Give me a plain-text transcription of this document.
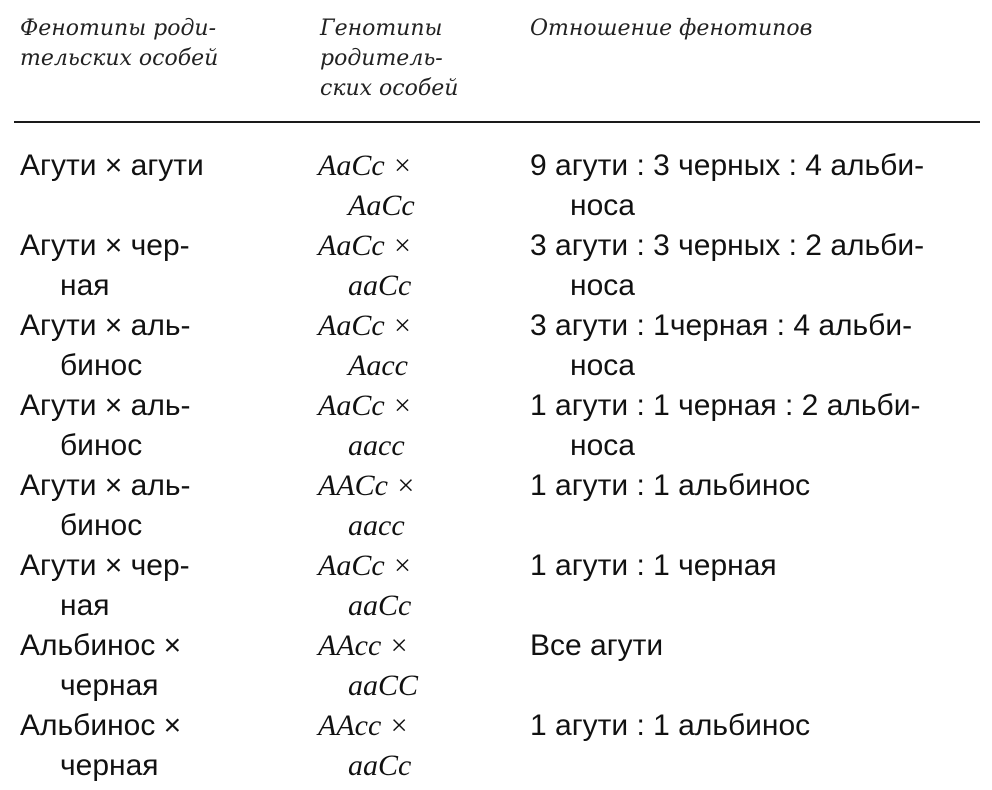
Фенотипы роди-
тельских особей
Генотипы
родитель-
ских особей
Отношение фенотипов
Агути × агути	AaCc ×
AaCc
9 агути : 3 черных : 4 альби-
носа
Агути × чер-
ная
AaCc ×
aaCc
3 агути : 3 черных : 2 альби-
носа
Агути × аль-
бинос
AaCc ×
Aacc
3 агути : 1черная : 4 альби-
носа
Агути × аль-
бинос
AaCc ×
aacc
1 агути : 1 черная : 2 альби-
носа
Агути × аль-
бинос
AACc ×
aacc
1 агути : 1 альбинос
Агути × чер-
ная
AaCc ×
aaCc
1 агути : 1 черная
Альбинос ×
черная
AAcc ×
aaCC
Все агути
Альбинос ×
черная
AAcc ×
aaCc
1 агути : 1 альбинос
